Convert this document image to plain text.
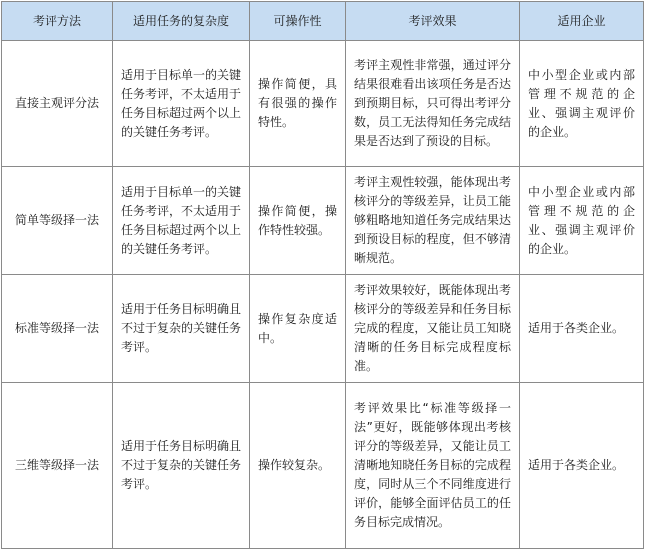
考评方法	适用任务的复杂度	可操作性	考评效果	适用企业
直接主观评分法	适用于目标单一的关键任务考评，不太适用于任务目标超过两个以上的关键任务考评。	操作简便，具有很强的操作特性。	考评主观性非常强，通过评分结果很难看出该项任务是否达到预期目标，只可得出考评分数，员工无法得知任务完成结果是否达到了预设的目标。	中小型企业或内部管理不规范的企业、强调主观评价的企业。
简单等级择一法	适用于目标单一的关键任务考评，不太适用于任务目标超过两个以上的关键任务考评。	操作简便，操作特性较强。	考评主观性较强，能体现出考核评分的等级差异，让员工能够粗略地知道任务完成结果达到预设目标的程度，但不够清晰规范。	中小型企业或内部管理不规范的企业、强调主观评价的企业。
标准等级择一法	适用于任务目标明确且不过于复杂的关键任务考评。	操作复杂度适中。	考评效果较好，既能体现出考核评分的等级差异和任务目标完成的程度，又能让员工知晓清晰的任务目标完成程度标准。	适用于各类企业。
三维等级择一法	适用于任务目标明确且不过于复杂的关键任务考评。	操作较复杂。	考评效果比“标准等级择一法”更好，既能够体现出考核评分的等级差异，又能让员工清晰地知晓任务目标的完成程度，同时从三个不同维度进行评价，能够全面评估员工的任务目标完成情况。	适用于各类企业。
